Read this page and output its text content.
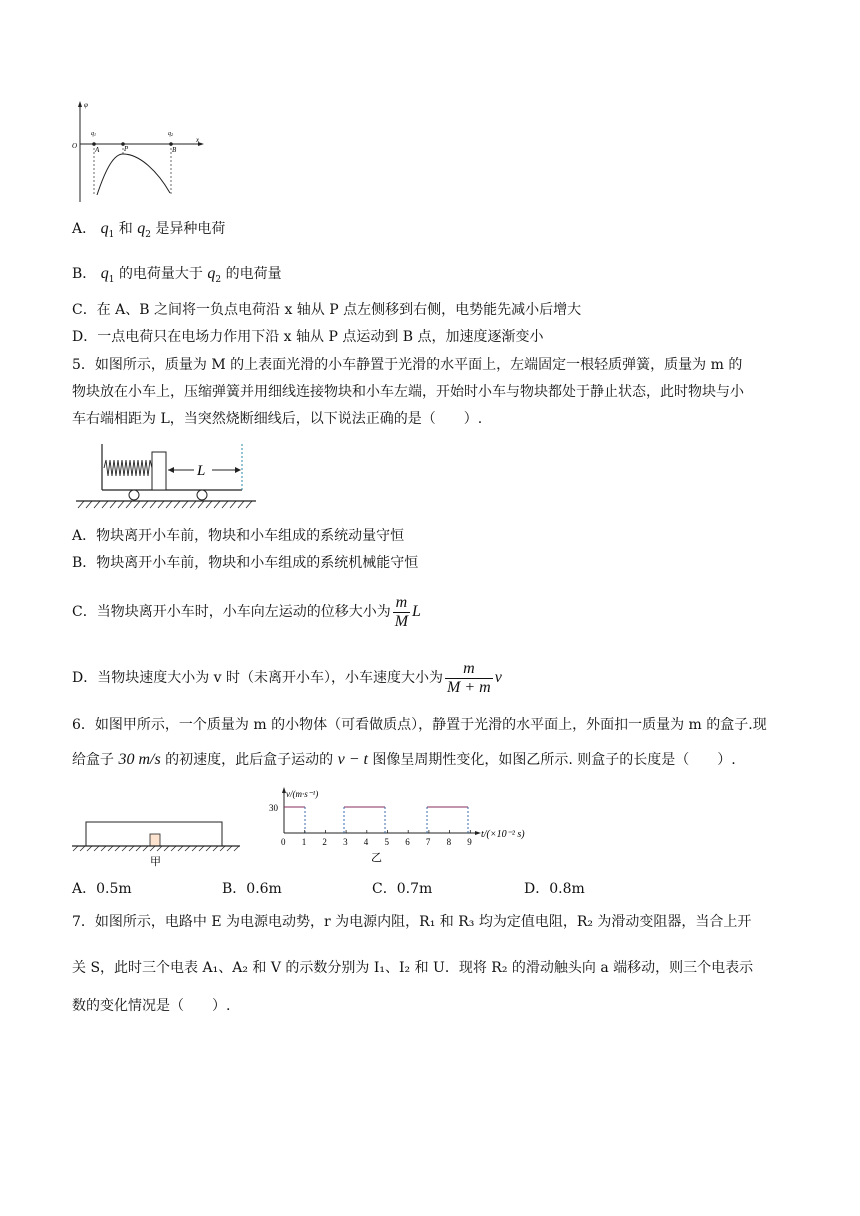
φ
x
O
q1	q2
A	P	B
A． $q_1$ 和 $q_2$ 是异种电荷
B． $q_1$ 的电荷量大于 $q_2$ 的电荷量
C．在 A、B 之间将一负点电荷沿 x 轴从 P 点左侧移到右侧，电势能先减小后增大
D．一点电荷只在电场力作用下沿 x 轴从 P 点运动到 B 点，加速度逐渐变小
5．如图所示，质量为 M 的上表面光滑的小车静置于光滑的水平面上，左端固定一根轻质弹簧，质量为 m 的
物块放在小车上，压缩弹簧并用细线连接物块和小车左端，开始时小车与物块都处于静止状态，此时物块与小
车右端相距为 L，当突然烧断细线后，以下说法正确的是（　　）.
L
A．物块离开小车前，物块和小车组成的系统动量守恒
B．物块离开小车前，物块和小车组成的系统机械能守恒
C．当物块离开小车时，小车向左运动的位移大小为 $\frac{m}{M}$ L
D．当物块速度大小为 v 时（未离开小车），小车速度大小为 $\frac{m}{M + m}$ v
6．如图甲所示，一个质量为 m 的小物体（可看做质点），静置于光滑的水平面上，外面扣一质量为 m 的盒子.现
给盒子 30 m/s 的初速度，此后盒子运动的 v − t 图像呈周期性变化，如图乙所示. 则盒子的长度是（　　）.
甲
v/(m·s⁻¹)
30
t/(×10⁻² s)
0 1 2 3 4 5 6 7 8 9
乙
A．0.5m	B．0.6m	C．0.7m	D．0.8m
7．如图所示，电路中 E 为电源电动势，r 为电源内阻，R₁ 和 R₃ 均为定值电阻，R₂ 为滑动变阻器，当合上开
关 S，此时三个电表 A₁、A₂ 和 V 的示数分别为 I₁、I₂ 和 U．现将 R₂ 的滑动触头向 a 端移动，则三个电表示
数的变化情况是（　　）.
